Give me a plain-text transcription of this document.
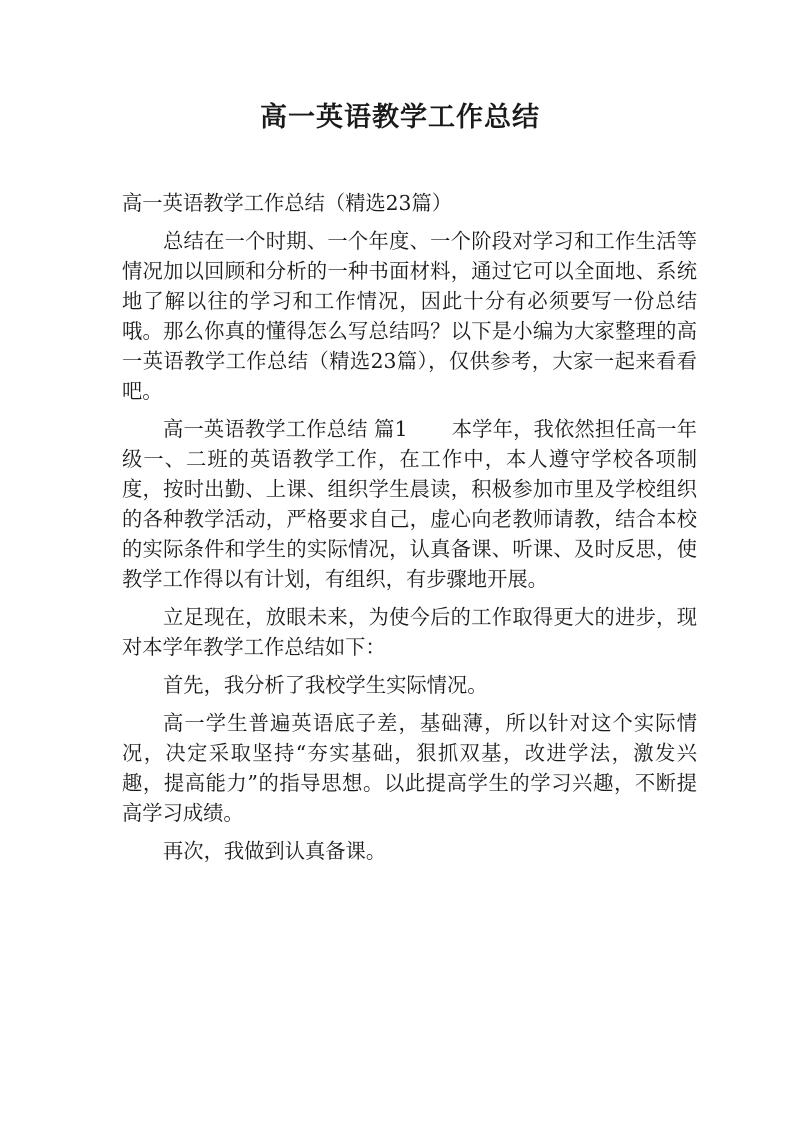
高一英语教学工作总结

高一英语教学工作总结（精选23篇）

总结在一个时期、一个年度、一个阶段对学习和工作生活等情况加以回顾和分析的一种书面材料，通过它可以全面地、系统地了解以往的学习和工作情况，因此十分有必须要写一份总结哦。那么你真的懂得怎么写总结吗？以下是小编为大家整理的高一英语教学工作总结（精选23篇），仅供参考，大家一起来看看吧。

高一英语教学工作总结 篇1 本学年，我依然担任高一年级一、二班的英语教学工作，在工作中，本人遵守学校各项制度，按时出勤、上课、组织学生晨读，积极参加市里及学校组织的各种教学活动，严格要求自己，虚心向老教师请教，结合本校的实际条件和学生的实际情况，认真备课、听课、及时反思，使教学工作得以有计划，有组织，有步骤地开展。

立足现在，放眼未来，为使今后的工作取得更大的进步，现对本学年教学工作总结如下：

首先，我分析了我校学生实际情况。

高一学生普遍英语底子差，基础薄，所以针对这个实际情况，决定采取坚持“夯实基础，狠抓双基，改进学法，激发兴趣，提高能力”的指导思想。以此提高学生的学习兴趣，不断提高学习成绩。

再次，我做到认真备课。
